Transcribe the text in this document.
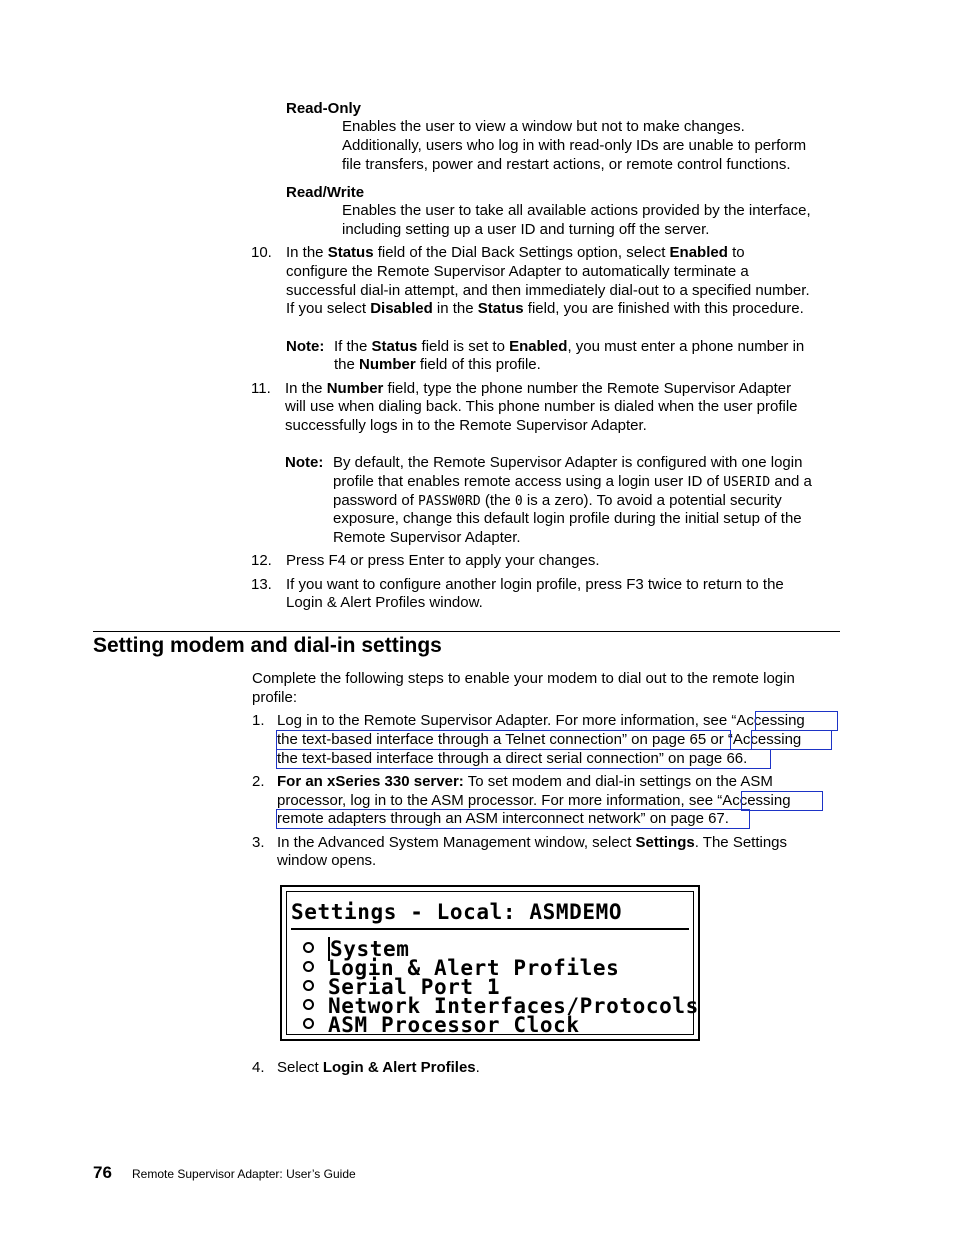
Read-Only
Enables the user to view a window but not to make changes.
Additionally, users who log in with read-only IDs are unable to perform
file transfers, power and restart actions, or remote control functions.
Read/Write
Enables the user to take all available actions provided by the interface,
including setting up a user ID and turning off the server.
10. In the Status field of the Dial Back Settings option, select Enabled to
configure the Remote Supervisor Adapter to automatically terminate a
successful dial-in attempt, and then immediately dial-out to a specified number.
If you select Disabled in the Status field, you are finished with this procedure.
Note: If the Status field is set to Enabled, you must enter a phone number in
the Number field of this profile.
11. In the Number field, type the phone number the Remote Supervisor Adapter
will use when dialing back. This phone number is dialed when the user profile
successfully logs in to the Remote Supervisor Adapter.
Note: By default, the Remote Supervisor Adapter is configured with one login
profile that enables remote access using a login user ID of USERID and a
password of PASSW0RD (the 0 is a zero). To avoid a potential security
exposure, change this default login profile during the initial setup of the
Remote Supervisor Adapter.
12. Press F4 or press Enter to apply your changes.
13. If you want to configure another login profile, press F3 twice to return to the
Login & Alert Profiles window.
Setting modem and dial-in settings
Complete the following steps to enable your modem to dial out to the remote login
profile:
1. Log in to the Remote Supervisor Adapter. For more information, see “Accessing
the text-based interface through a Telnet connection” on page 65 or “Accessing
the text-based interface through a direct serial connection” on page 66.
2. For an xSeries 330 server: To set modem and dial-in settings on the ASM
processor, log in to the ASM processor. For more information, see “Accessing
remote adapters through an ASM interconnect network” on page 67.
3. In the Advanced System Management window, select Settings. The Settings
window opens.
Settings - Local: ASMDEMO
System
Login & Alert Profiles
Serial Port 1
Network Interfaces/Protocols
ASM Processor Clock
4. Select Login & Alert Profiles.
76 Remote Supervisor Adapter: User’s Guide
